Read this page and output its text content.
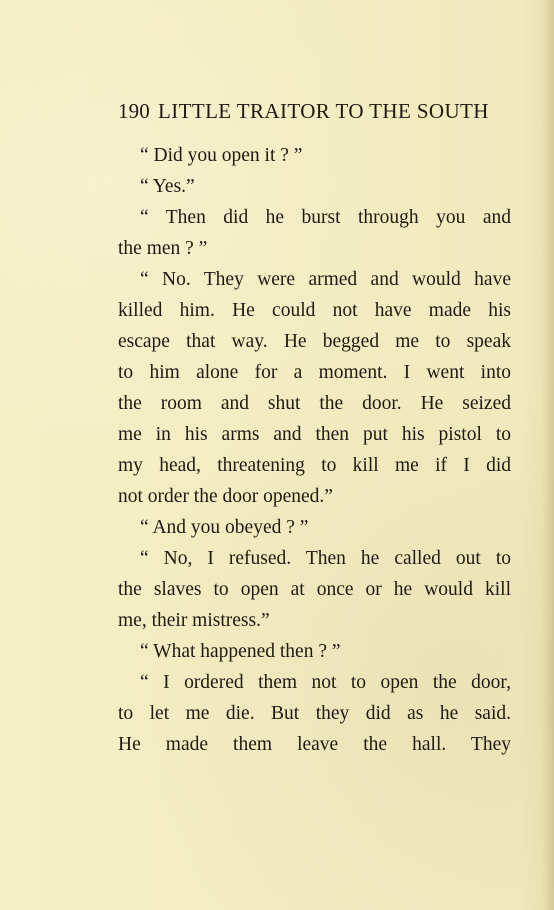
190 LITTLE TRAITOR TO THE SOUTH
“ Did you open it ? ”
“ Yes.”
“ Then did he burst through you and
the men ? ”
“ No. They were armed and would have
killed him. He could not have made his
escape that way. He begged me to speak
to him alone for a moment. I went into
the room and shut the door. He seized
me in his arms and then put his pistol to
my head, threatening to kill me if I did
not order the door opened.”
“ And you obeyed ? ”
“ No, I refused. Then he called out to
the slaves to open at once or he would kill
me, their mistress.”
“ What happened then ? ”
“ I ordered them not to open the door,
to let me die. But they did as he said.
He made them leave the hall. They
